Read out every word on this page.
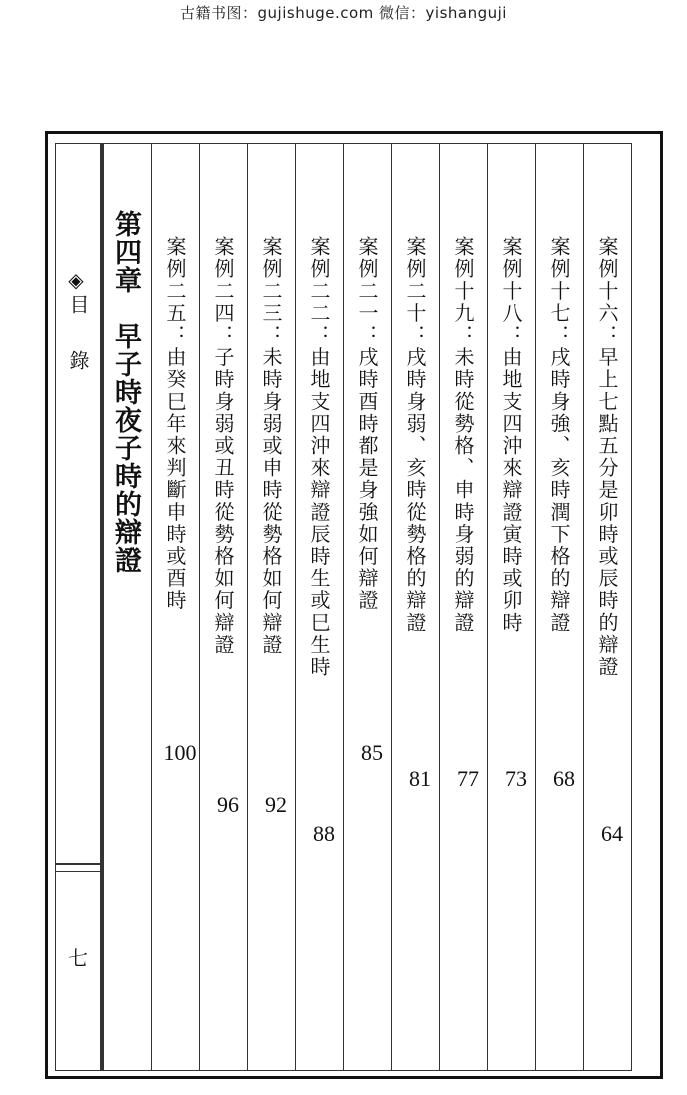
古籍书图：gujishuge.com 微信：yishanguji
◈
目錄
七
第四章　早子時夜子時的辯證 案例二五：由癸巳年來判斷申時或酉時
100
案例二四：子時身弱或丑時從勢格如何辯證
96
案例二三：未時身弱或申時從勢格如何辯證
92
案例二二：由地支四沖來辯證辰時生或巳生時
88
案例二一：戌時酉時都是身強如何辯證
85
案例二十：戌時身弱、亥時從勢格的辯證
81
案例十九：未時從勢格、申時身弱的辯證
77
案例十八：由地支四沖來辯證寅時或卯時
73
案例十七：戌時身強、亥時潤下格的辯證
68
案例十六：早上七點五分是卯時或辰時的辯證
64
